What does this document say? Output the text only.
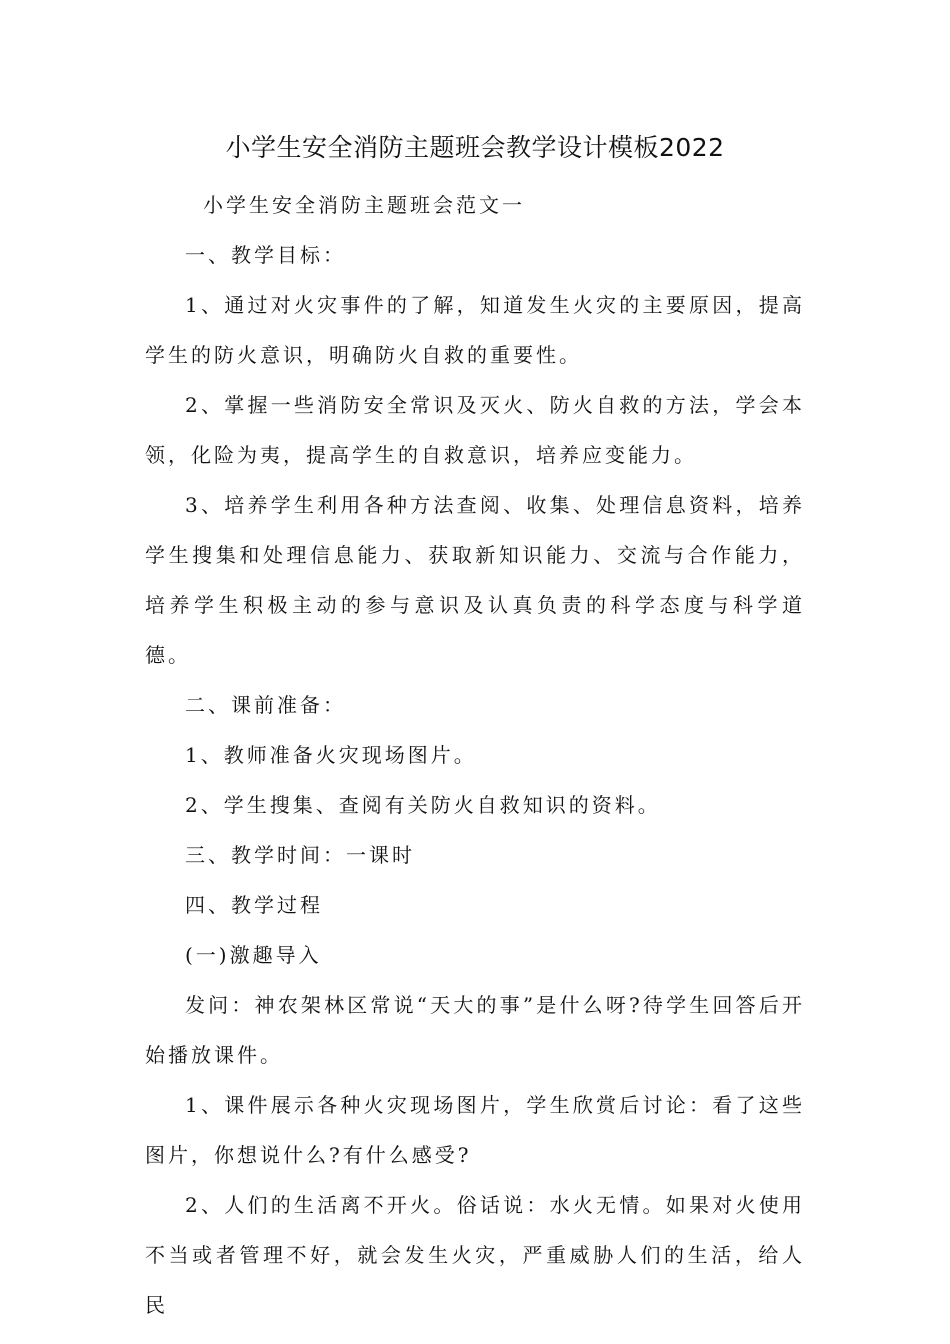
小学生安全消防主题班会教学设计模板2022

小学生安全消防主题班会范文一

一、教学目标：

1、通过对火灾事件的了解，知道发生火灾的主要原因，提高学生的防火意识，明确防火自救的重要性。

2、掌握一些消防安全常识及灭火、防火自救的方法，学会本领，化险为夷，提高学生的自救意识，培养应变能力。

3、培养学生利用各种方法查阅、收集、处理信息资料，培养学生搜集和处理信息能力、获取新知识能力、交流与合作能力，培养学生积极主动的参与意识及认真负责的科学态度与科学道德。

二、课前准备：

1、教师准备火灾现场图片。

2、学生搜集、查阅有关防火自救知识的资料。

三、教学时间：一课时

四、教学过程

(一)激趣导入

发问：神农架林区常说“天大的事”是什么呀?待学生回答后开始播放课件。

1、课件展示各种火灾现场图片，学生欣赏后讨论：看了这些图片，你想说什么?有什么感受?

2、人们的生活离不开火。俗话说：水火无情。如果对火使用不当或者管理不好，就会发生火灾，严重威胁人们的生活，给人民
